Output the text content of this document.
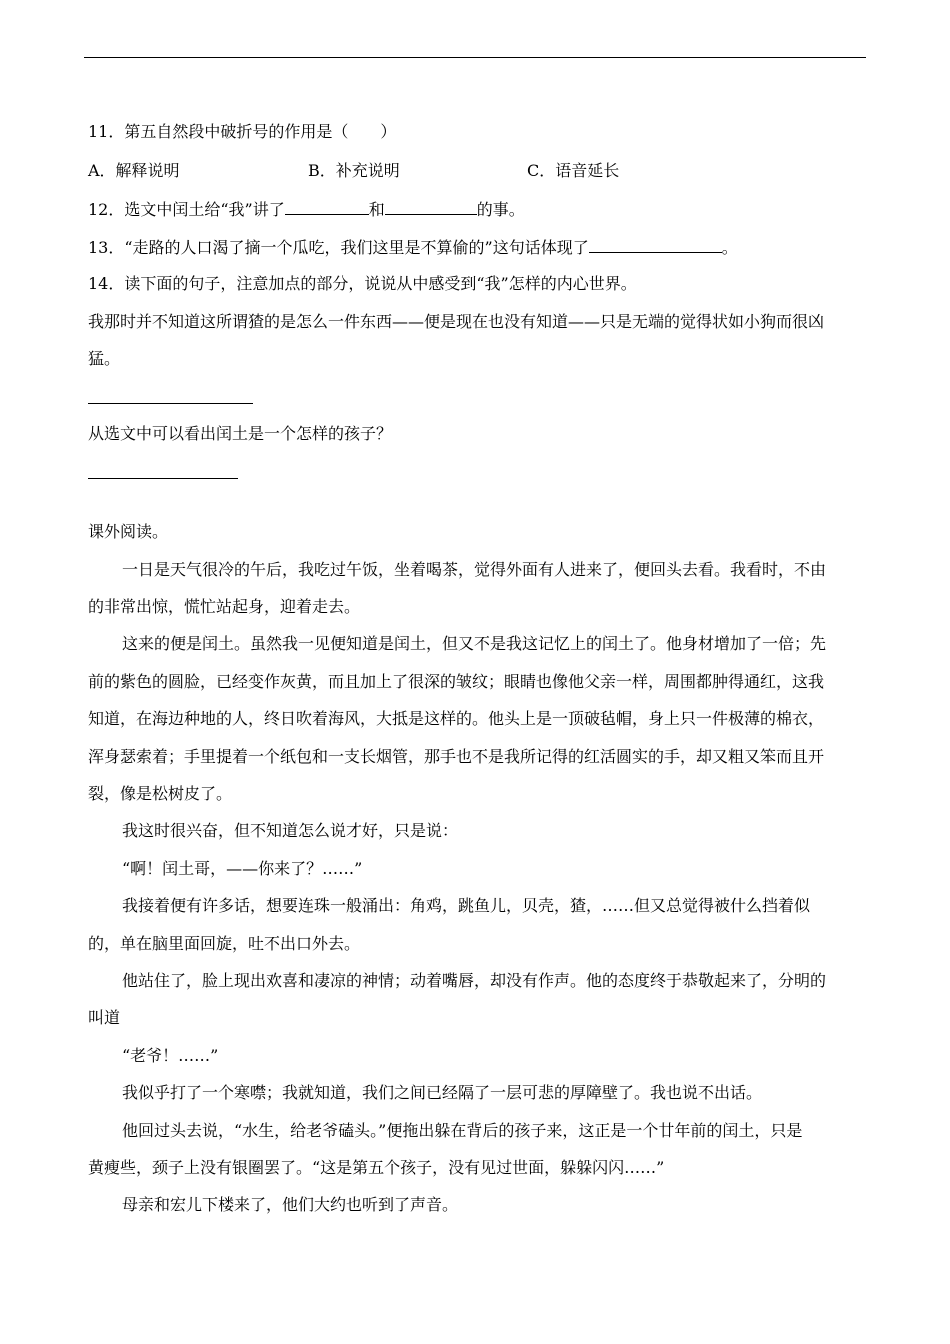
11．第五自然段中破折号的作用是（　　）
A．解释说明	B．补充说明	C．语音延长
12．选文中闰土给“我”讲了	和	的事。
13．“走路的人口渴了摘一个瓜吃，我们这里是不算偷的”这句话体现了	。
14．读下面的句子，注意加点的部分，说说从中感受到“我”怎样的内心世界。
我那时并不知道这所谓猹的是怎么一件东西——便是现在也没有知道——只是无端的觉得状如小狗而很凶
猛。
从选文中可以看出闰土是一个怎样的孩子？
课外阅读。
一日是天气很冷的午后，我吃过午饭，坐着喝茶，觉得外面有人进来了，便回头去看。我看时，不由
的非常出惊，慌忙站起身，迎着走去。
这来的便是闰土。虽然我一见便知道是闰土，但又不是我这记忆上的闰土了。他身材增加了一倍；先
前的紫色的圆脸，已经变作灰黄，而且加上了很深的皱纹；眼睛也像他父亲一样，周围都肿得通红，这我
知道，在海边种地的人，终日吹着海风，大抵是这样的。他头上是一顶破毡帽，身上只一件极薄的棉衣，
浑身瑟索着；手里提着一个纸包和一支长烟管，那手也不是我所记得的红活圆实的手，却又粗又笨而且开
裂，像是松树皮了。
我这时很兴奋，但不知道怎么说才好，只是说：
“啊！闰土哥，——你来了？……”
我接着便有许多话，想要连珠一般涌出：角鸡，跳鱼儿，贝壳，猹，……但又总觉得被什么挡着似
的，单在脑里面回旋，吐不出口外去。
他站住了，脸上现出欢喜和凄凉的神情；动着嘴唇，却没有作声。他的态度终于恭敬起来了，分明的
叫道
“老爷！……”
我似乎打了一个寒噤；我就知道，我们之间已经隔了一层可悲的厚障壁了。我也说不出话。
他回过头去说，“水生，给老爷磕头。”便拖出躲在背后的孩子来，这正是一个廿年前的闰土，只是
黄瘦些，颈子上没有银圈罢了。“这是第五个孩子，没有见过世面，躲躲闪闪……”
母亲和宏儿下楼来了，他们大约也听到了声音。
